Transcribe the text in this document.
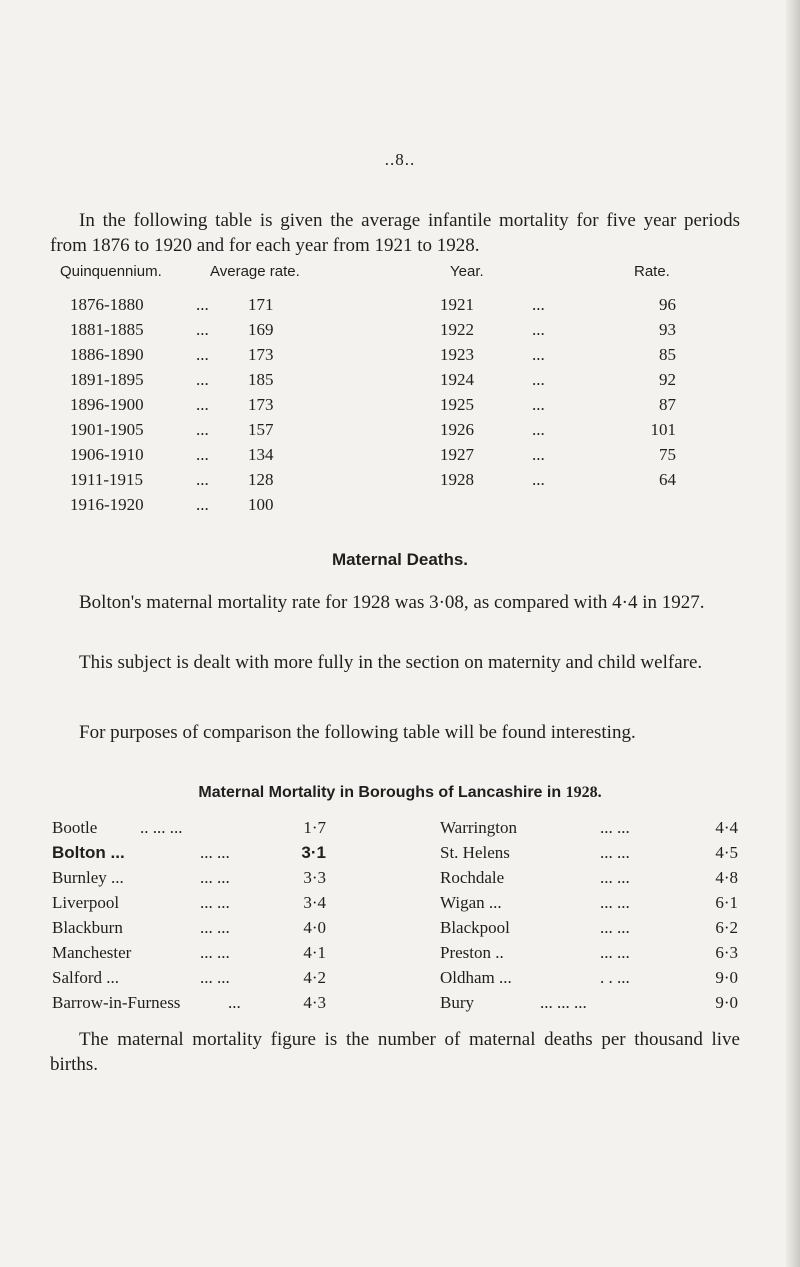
..8..
In the following table is given the average infantile mortality for five year periods from 1876 to 1920 and for each year from 1921 to 1928.
Quinquennium.	Average rate.	Year.	Rate.
1876-1880	... 171	1921	...	96
1881-1885	... 169	1922	...	93
1886-1890	... 173	1923	...	85
1891-1895	... 185	1924	...	92
1896-1900	... 173	1925	...	87
1901-1905	... 157	1926	...	101
1906-1910	... 134	1927	...	75
1911-1915	... 128	1928	...	64
1916-1920	... 100
Maternal Deaths.
Bolton's maternal mortality rate for 1928 was 3·08, as compared with 4·4 in 1927.
This subject is dealt with more fully in the section on maternity and child welfare.
For purposes of comparison the following table will be found interesting.
Maternal Mortality in Boroughs of Lancashire in 1928.
Bootle	.. ... ...	1·7	Warrington	... ...	4·4
Bolton ...	... ...	3·1	St. Helens	... ...	4·5
Burnley ...	... ...	3·3	Rochdale	... ...	4·8
Liverpool	... ...	3·4	Wigan ...	... ...	6·1
Blackburn	... ...	4·0	Blackpool	... ...	6·2
Manchester	... ...	4·1	Preston ..	... ...	6·3
Salford ...	... ...	4·2	Oldham ...	. . ...	9·0
Barrow-in-Furness	...	4·3	Bury	... ... ...	9·0
The maternal mortality figure is the number of maternal deaths per thousand live births.
